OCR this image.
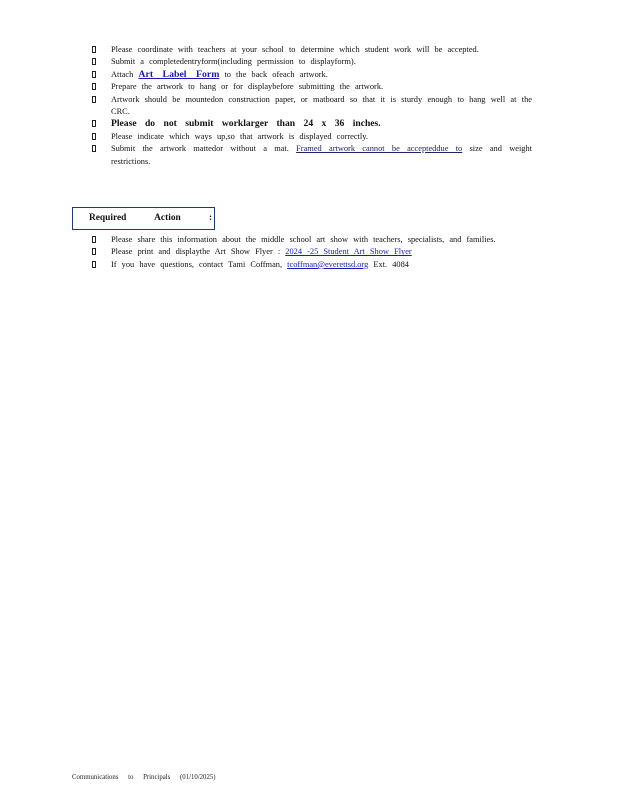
Please coordinate with teachers at your school to determine which student work will be accepted.
Submit a completedentryform(including permission to displayform).
Attach Art Label Form to the back ofeach artwork.
Prepare the artwork to hang or for displaybefore submitting the artwork.
Artwork should be mountedon construction paper, or matboard so that it is sturdy enough to hang well at the CRC.
Please do not submit worklarger than 24 x 36 inches.
Please indicate which ways up,so that artwork is displayed correctly.
Submit the artwork mattedor without a mat. Framed artwork cannot be accepteddue to size and weight restrictions.
Required Action :
Please share this information about the middle school art show with teachers, specialists, and families.
Please print and displaythe Art Show Flyer : 2024 -25 Student Art Show Flyer
If you have questions, contact Tami Coffman, tcoffman@everettsd.org Ext. 4084
Communications to Principals (01/10/2025)
